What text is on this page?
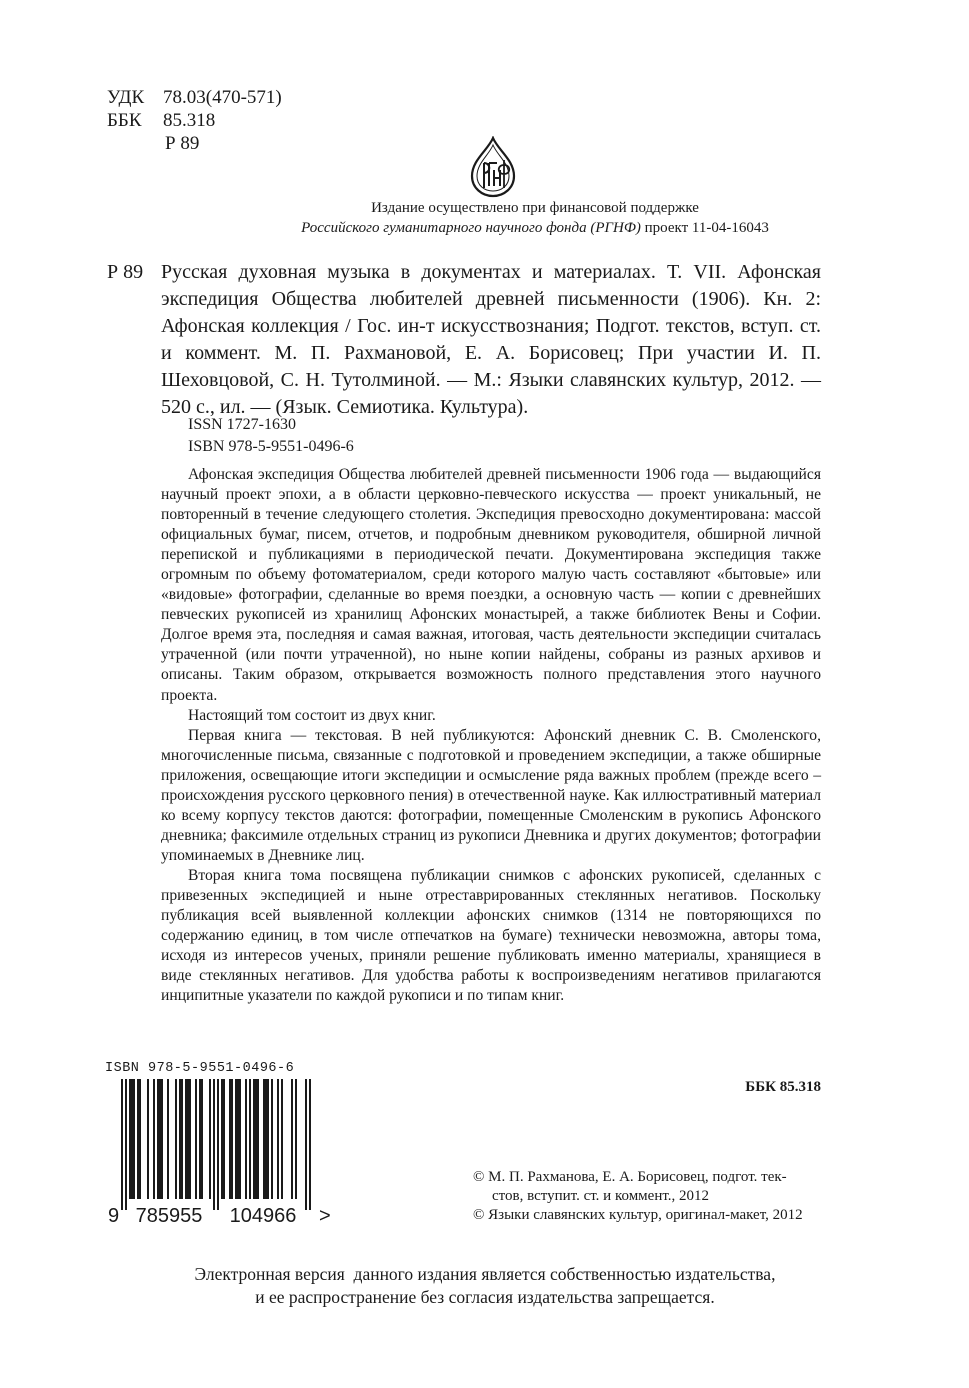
УДК 78.03(470-571)
ББК 85.318
Р 89
Издание осуществлено при финансовой поддержке
Российского гуманитарного научного фонда (РГНФ) проект 11-04-16043
Р 89 Русская духовная музыка в документах и материалах. Т. VII. Афонская экспедиция Общества любителей древней письменности (1906). Кн. 2: Афонская коллекция / Гос. ин-т искусствознания; Подгот. текстов, вступ. ст. и коммент. М. П. Рахмановой, Е. А. Борисовец; При участии И. П. Шеховцовой, С. Н. Тутолминой. — М.: Языки славянских культур, 2012. — 520 с., ил. — (Язык. Семиотика. Культура).
ISSN 1727-1630
ISBN 978-5-9551-0496-6

Афонская экспедиция Общества любителей древней письменности 1906 года — выдающийся научный проект эпохи, а в области церковно-певческого искусства — проект уникальный, не повторенный в течение следующего столетия. Экспедиция превосходно документирована: массой официальных бумаг, писем, отчетов, и подробным дневником руководителя, обширной личной перепиской и публикациями в периодической печати. Документирована экспедиция также огромным по объему фотоматериалом, среди которого малую часть составляют «бытовые» или «видовые» фотографии, сделанные во время поездки, а основную часть — копии с древнейших певческих рукописей из хранилищ Афонских монастырей, а также библиотек Вены и Софии. Долгое время эта, последняя и самая важная, итоговая, часть деятельности экспедиции считалась утраченной (или почти утраченной), но ныне копии найдены, собраны из разных архивов и описаны. Таким образом, открывается возможность полного представления этого научного проекта.

Настоящий том состоит из двух книг.

Первая книга — текстовая. В ней публикуются: Афонский дневник С. В. Смоленского, многочисленные письма, связанные с подготовкой и проведением экспедиции, а также обширные приложения, освещающие итоги экспедиции и осмысление ряда важных проблем (прежде всего – происхождения русского церковного пения) в отечественной науке. Как иллюстративный материал ко всему корпусу текстов даются: фотографии, помещенные Смоленским в рукопись Афонского дневника; факсимиле отдельных страниц из рукописи Дневника и других документов; фотографии упоминаемых в Дневнике лиц.

Вторая книга тома посвящена публикации снимков с афонских рукописей, сделанных с привезенных экспедицией и ныне отреставрированных стеклянных негативов. Поскольку публикация всей выявленной коллекции афонских снимков (1314 не повторяющихся по содержанию единиц, в том числе отпечатков на бумаге) технически невозможна, авторы тома, исходя из интересов ученых, приняли решение публиковать именно материалы, хранящиеся в виде стеклянных негативов. Для удобства работы к воспроизведениям негативов прилагаются инципитные указатели по каждой рукописи и по типам книг.

ISBN 978-5-9551-0496-6
9 785955 104966 >
ББК 85.318
© М. П. Рахманова, Е. А. Борисовец, подгот. тек-
стов, вступит. ст. и коммент., 2012
© Языки славянских культур, оригинал-макет, 2012
Электронная версия  данного издания является собственностью издательства,
и ее распространение без согласия издательства запрещается.
